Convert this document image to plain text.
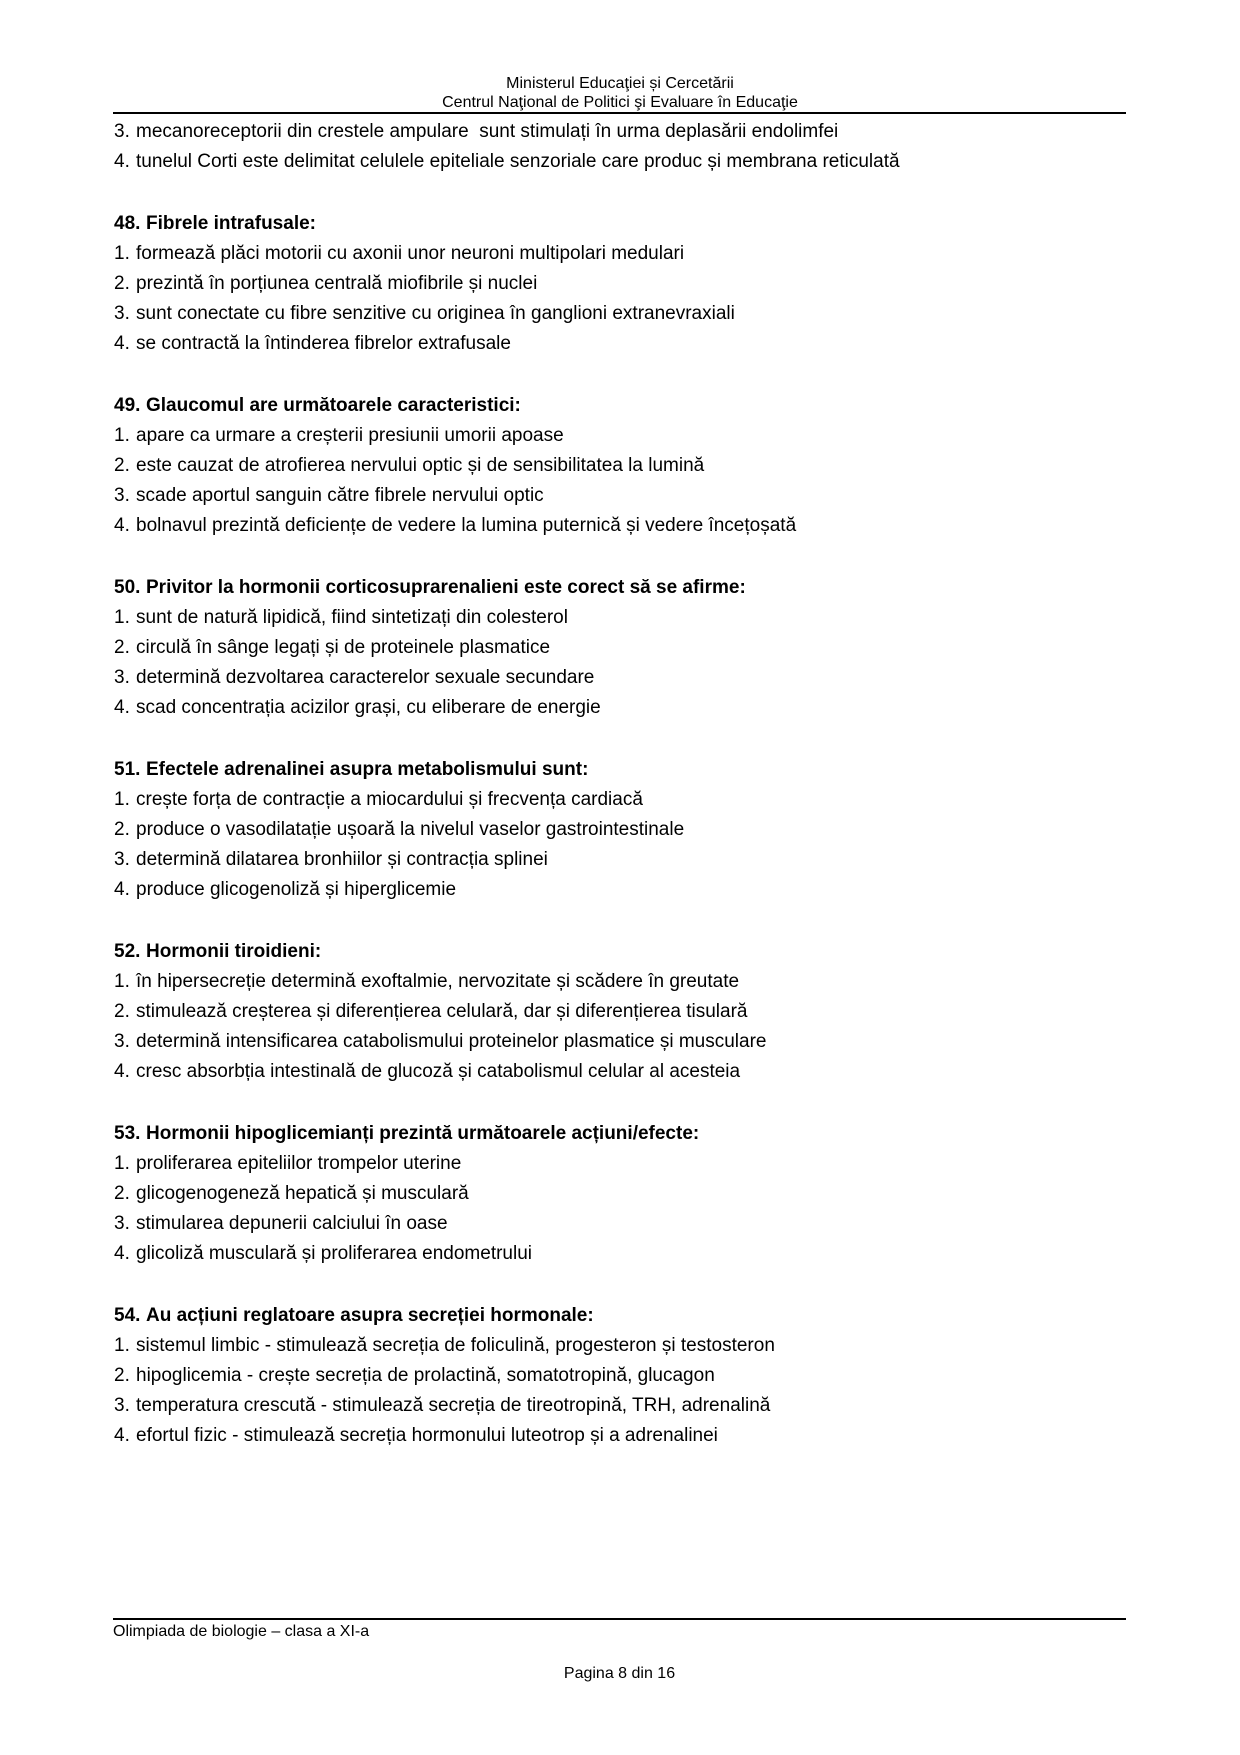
Ministerul Educaţiei și Cercetării
Centrul Naţional de Politici şi Evaluare în Educaţie
3. mecanoreceptorii din crestele ampulare  sunt stimulați în urma deplasării endolimfei
4. tunelul Corti este delimitat celulele epiteliale senzoriale care produc și membrana reticulată
48. Fibrele intrafusale:
1. formează plăci motorii cu axonii unor neuroni multipolari medulari
2. prezintă în porțiunea centrală miofibrile și nuclei
3. sunt conectate cu fibre senzitive cu originea în ganglioni extranevraxiali
4. se contractă la întinderea fibrelor extrafusale
49. Glaucomul are următoarele caracteristici:
1. apare ca urmare a creșterii presiunii umorii apoase
2. este cauzat de atrofierea nervului optic și de sensibilitatea la lumină
3. scade aportul sanguin către fibrele nervului optic
4. bolnavul prezintă deficiențe de vedere la lumina puternică și vedere încețoșată
50. Privitor la hormonii corticosuprarenalieni este corect să se afirme:
1. sunt de natură lipidică, fiind sintetizați din colesterol
2. circulă în sânge legați și de proteinele plasmatice
3. determină dezvoltarea caracterelor sexuale secundare
4. scad concentrația acizilor grași, cu eliberare de energie
51. Efectele adrenalinei asupra metabolismului sunt:
1. crește forța de contracție a miocardului și frecvența cardiacă
2. produce o vasodilatație ușoară la nivelul vaselor gastrointestinale
3. determină dilatarea bronhiilor și contracția splinei
4. produce glicogenoliză și hiperglicemie
52. Hormonii tiroidieni:
1. în hipersecreție determină exoftalmie, nervozitate și scădere în greutate
2. stimulează creșterea și diferențierea celulară, dar și diferențierea tisulară
3. determină intensificarea catabolismului proteinelor plasmatice și musculare
4. cresc absorbția intestinală de glucoză și catabolismul celular al acesteia
53. Hormonii hipoglicemianți prezintă următoarele acțiuni/efecte:
1. proliferarea epiteliilor trompelor uterine
2. glicogenogeneză hepatică și musculară
3. stimularea depunerii calciului în oase
4. glicoliză musculară și proliferarea endometrului
54. Au acțiuni reglatoare asupra secreției hormonale:
1. sistemul limbic - stimulează secreția de foliculină, progesteron și testosteron
2. hipoglicemia - crește secreția de prolactină, somatotropină, glucagon
3. temperatura crescută - stimulează secreția de tireotropină, TRH, adrenalină
4. efortul fizic - stimulează secreția hormonului luteotrop și a adrenalinei
Olimpiada de biologie – clasa a XI-a
Pagina 8 din 16
